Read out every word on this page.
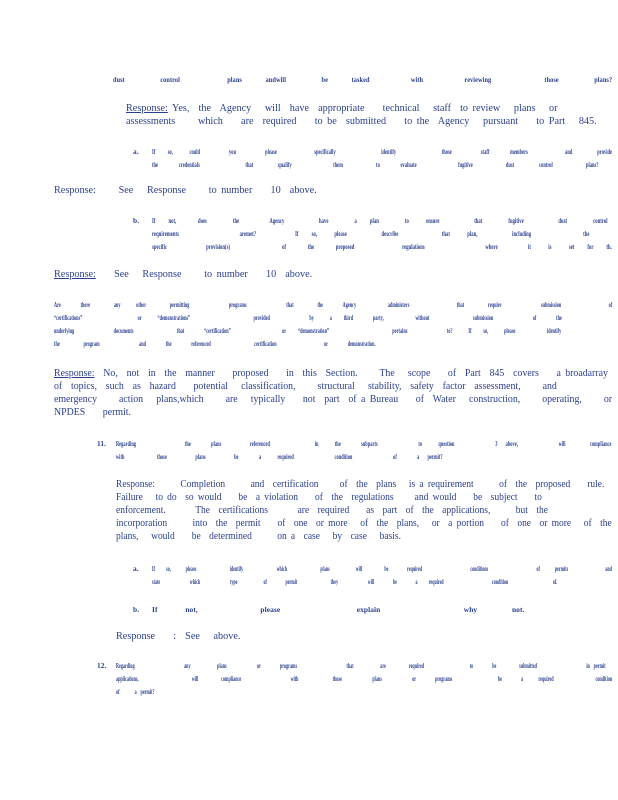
dust      control        plans    andwill      be    tasked       with       reviewing         those      plans?
Response: Yes,  the  Agency   will  have  appropriate    technical   staff  to review   plans   or
assessments     which    are  required    to be  submitted    to the  Agency   pursuant    to Part   845.
a. If   so,    could       you       please         specifically           identify           those       staff     members         and      provide
the     credentials           that      qualify          them        to     evaluate          fugitive        dust      control        plans?
Response:     See   Response     to number    10  above.
b. If   not,     does      the       Agency        have      a   plan      to    ensure        that      fugitive        dust      control
requirements              aremet?         If   so,    please        describe          that    plan,        including            the
specific         provision(s)            of     the     proposed           regulations              where       it    is    set   for   th.
Response:    See   Response     to number    10  above.
Are     there      any    other      permitting          programs          that      the     Agency        administers            that      require          submission            of
“certifications”              or    “demonstrations”                provided          by    a   third     party,        without           submission          of     the
underlying          documents           that     “certification”             or   “demonstration”                pertains          to?    If   so,    please        identify
the      program          and     the     referenced           certification            or     demonstration.
Response:  No,  not  in  the  manner    proposed    in  this  Section.     The   scope    of  Part  845  covers    a broadarray
of  topics,  such  as  hazard    potential   classification,     structural   stability,  safety  factor  assessment,     and
emergency     action   plans,which     are   typically    not  part  of a Bureau    of  Water   construction,     operating,     or
NPDES    permit.
11. Regarding            the     plans       referenced           in    the     subparts          to    question          3  above,          will      compliance
with        those       plans       be     a    required          condition          of     a  permit?
Response:      Completion      and  certification     of  the  plans   is a requirement      of  the  proposed    rule.
Failure   to do  so would    be  a violation    of  the  regulations     and would    be  subject    to
enforcement.       The  certifications       are  required    as  part  of  the  applications,      but  the
incorporation      into  the  permit    of  one  or more   of  the  plans,   or  a portion    of  one  or more   of  the
plans,   would    be  determined      on a  case   by  case   basis.
a. If   so,    please         identify         which         plans       will      be     required             conditions             of    permits          and
state        which        type       of     permit         they        will     be     a   required             condition            of.
b. If    not,         please           explain            why     not.
Response    :  See   above.
12. Regarding             any       plans        or     programs             that       are      required            to     be      submitted             in permit
applications,              will      compliance             with         those        plans        or     programs            be     a    required           condition
of    a permit?
